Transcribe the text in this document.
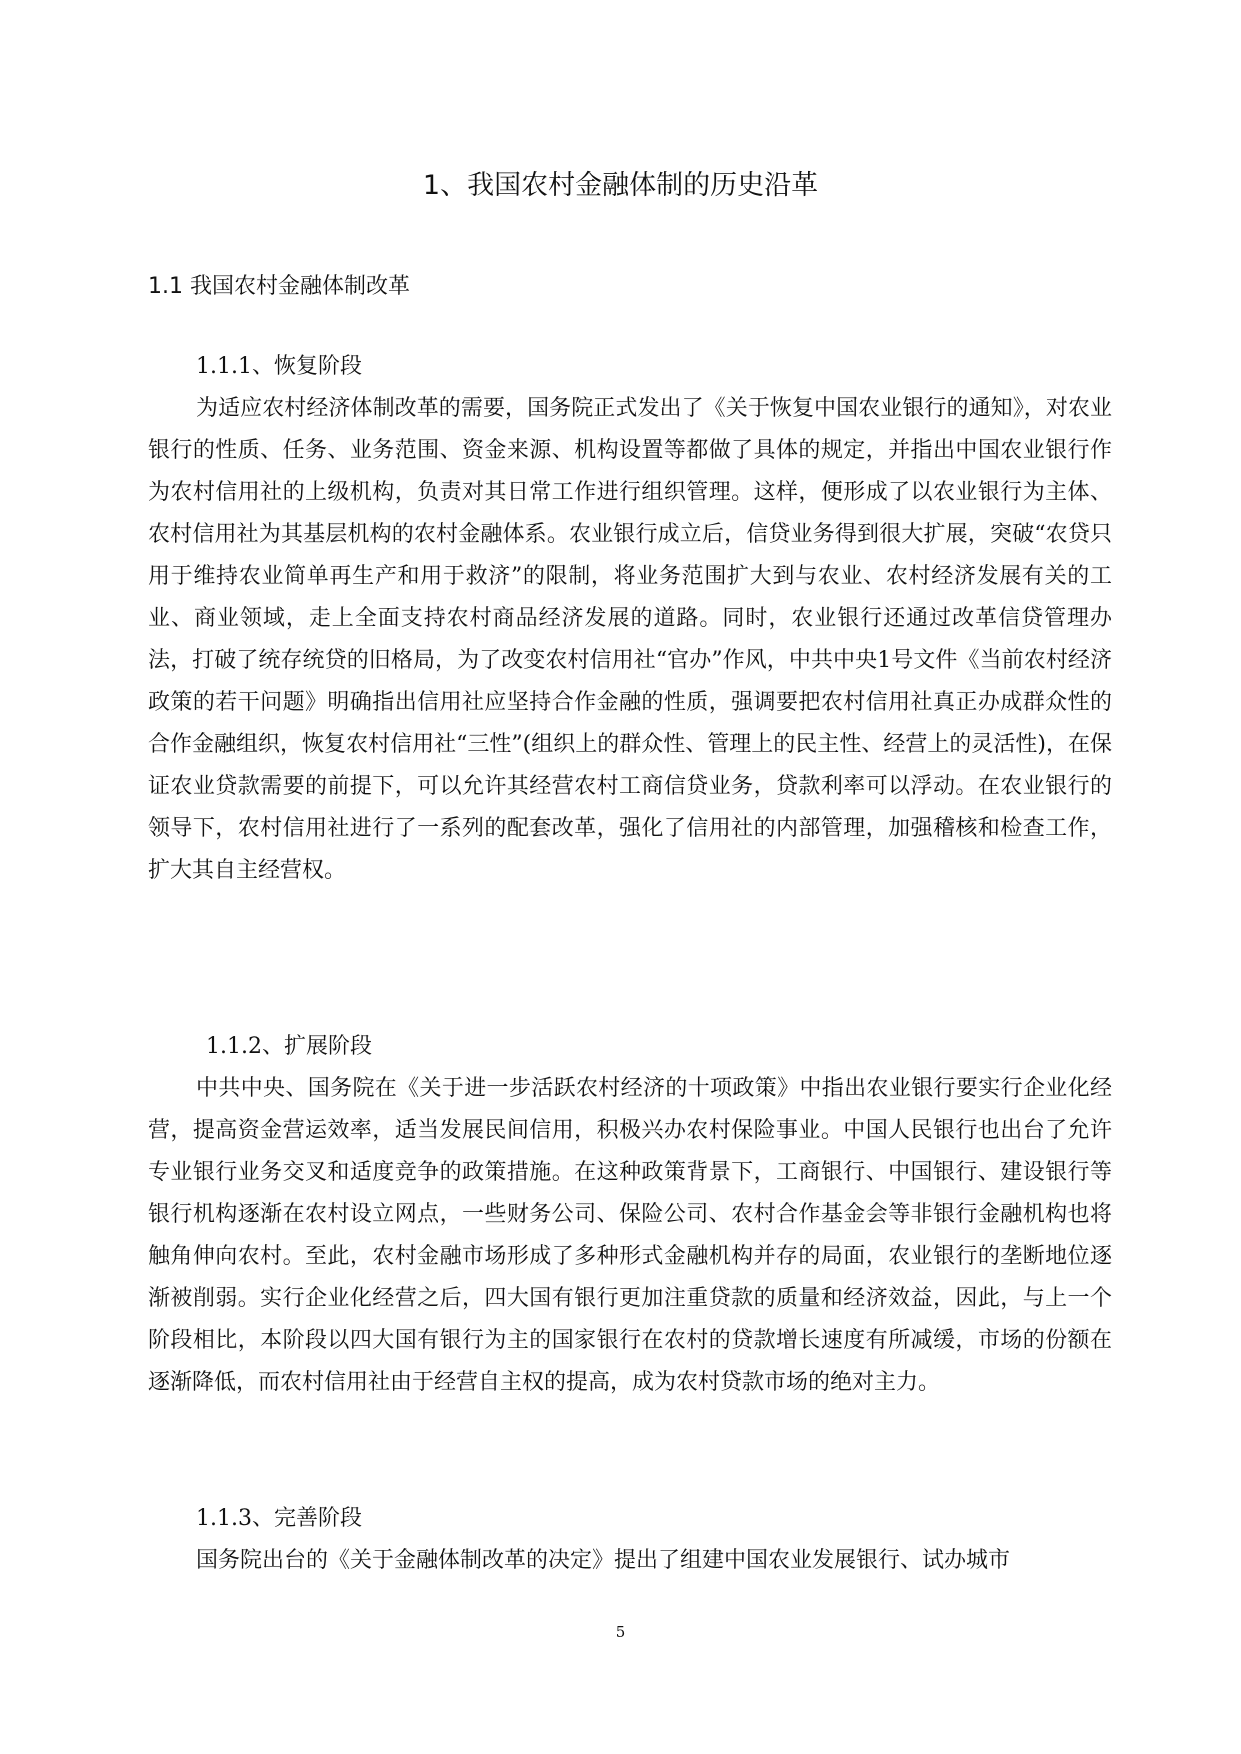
1、我国农村金融体制的历史沿革
1.1 我国农村金融体制改革
1.1.1、恢复阶段

为适应农村经济体制改革的需要，国务院正式发出了《关于恢复中国农业银行的通知》，对农业银行的性质、任务、业务范围、资金来源、机构设置等都做了具体的规定，并指出中国农业银行作为农村信用社的上级机构，负责对其日常工作进行组织管理。这样，便形成了以农业银行为主体、农村信用社为其基层机构的农村金融体系。农业银行成立后，信贷业务得到很大扩展，突破“农贷只用于维持农业简单再生产和用于救济”的限制，将业务范围扩大到与农业、农村经济发展有关的工业、商业领域，走上全面支持农村商品经济发展的道路。同时，农业银行还通过改革信贷管理办法，打破了统存统贷的旧格局，为了改变农村信用社“官办”作风，中共中央1号文件《当前农村经济政策的若干问题》明确指出信用社应坚持合作金融的性质，强调要把农村信用社真正办成群众性的合作金融组织，恢复农村信用社“三性”(组织上的群众性、管理上的民主性、经营上的灵活性)，在保证农业贷款需要的前提下，可以允许其经营农村工商信贷业务，贷款利率可以浮动。在农业银行的领导下，农村信用社进行了一系列的配套改革，强化了信用社的内部管理，加强稽核和检查工作，扩大其自主经营权。

1.1.2、扩展阶段

中共中央、国务院在《关于进一步活跃农村经济的十项政策》中指出农业银行要实行企业化经营，提高资金营运效率，适当发展民间信用，积极兴办农村保险事业。中国人民银行也出台了允许专业银行业务交叉和适度竞争的政策措施。在这种政策背景下，工商银行、中国银行、建设银行等银行机构逐渐在农村设立网点，一些财务公司、保险公司、农村合作基金会等非银行金融机构也将触角伸向农村。至此，农村金融市场形成了多种形式金融机构并存的局面，农业银行的垄断地位逐渐被削弱。实行企业化经营之后，四大国有银行更加注重贷款的质量和经济效益，因此，与上一个阶段相比，本阶段以四大国有银行为主的国家银行在农村的贷款增长速度有所减缓，市场的份额在逐渐降低，而农村信用社由于经营自主权的提高，成为农村贷款市场的绝对主力。

1.1.3、完善阶段

国务院出台的《关于金融体制改革的决定》提出了组建中国农业发展银行、试办城市

5
